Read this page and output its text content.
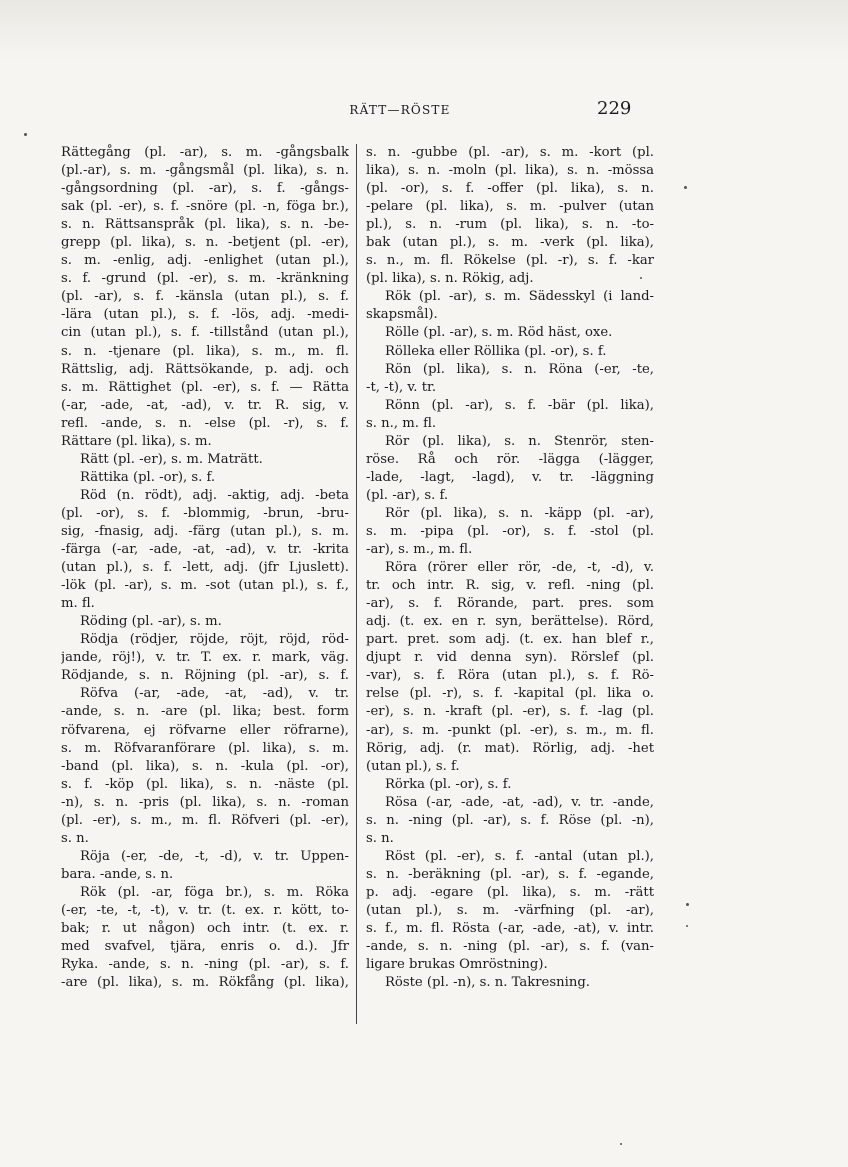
RÄTT—RÖSTE	229
Rättegång (pl. -ar), s. m. -gångsbalk
(pl.-ar), s. m. -gångsmål (pl. lika), s. n.
-gångsordning (pl. -ar), s. f. -gångs-
sak (pl. -er), s. f. -snöre (pl. -n, föga br.),
s. n. Rättsanspråk (pl. lika), s. n. -be-
grepp (pl. lika), s. n. -betjent (pl. -er),
s. m. -enlig, adj. -enlighet (utan pl.),
s. f. -grund (pl. -er), s. m. -kränkning
(pl. -ar), s. f. -känsla (utan pl.), s. f.
-lära (utan pl.), s. f. -lös, adj. -medi-
cin (utan pl.), s. f. -tillstånd (utan pl.),
s. n. -tjenare (pl. lika), s. m., m. fl.
Rättslig, adj. Rättsökande, p. adj. och
s. m. Rättighet (pl. -er), s. f. — Rätta
(-ar, -ade, -at, -ad), v. tr. R. sig, v.
refl. -ande, s. n. -else (pl. -r), s. f.
Rättare (pl. lika), s. m.
Rätt (pl. -er), s. m. Maträtt.
Rättika (pl. -or), s. f.
Röd (n. rödt), adj. -aktig, adj. -beta
(pl. -or), s. f. -blommig, -brun, -bru-
sig, -fnasig, adj. -färg (utan pl.), s. m.
-färga (-ar, -ade, -at, -ad), v. tr. -krita
(utan pl.), s. f. -lett, adj. (jfr Ljuslett).
-lök (pl. -ar), s. m. -sot (utan pl.), s. f.,
m. fl.
Röding (pl. -ar), s. m.
Rödja (rödjer, röjde, röjt, röjd, röd-
jande, röj!), v. tr. T. ex. r. mark, väg.
Rödjande, s. n. Röjning (pl. -ar), s. f.
Röfva (-ar, -ade, -at, -ad), v. tr.
-ande, s. n. -are (pl. lika; best. form
röfvarena, ej röfvarne eller röfrarne),
s. m. Röfvaranförare (pl. lika), s. m.
-band (pl. lika), s. n. -kula (pl. -or),
s. f. -köp (pl. lika), s. n. -näste (pl.
-n), s. n. -pris (pl. lika), s. n. -roman
(pl. -er), s. m., m. fl. Röfveri (pl. -er),
s. n.
Röja (-er, -de, -t, -d), v. tr. Uppen-
bara. -ande, s. n.
Rök (pl. -ar, föga br.), s. m. Röka
(-er, -te, -t, -t), v. tr. (t. ex. r. kött, to-
bak; r. ut någon) och intr. (t. ex. r.
med svafvel, tjära, enris o. d.). Jfr
Ryka. -ande, s. n. -ning (pl. -ar), s. f.
-are (pl. lika), s. m. Rökfång (pl. lika),
s. n. -gubbe (pl. -ar), s. m. -kort (pl.
lika), s. n. -moln (pl. lika), s. n. -mössa
(pl. -or), s. f. -offer (pl. lika), s. n.
-pelare (pl. lika), s. m. -pulver (utan
pl.), s. n. -rum (pl. lika), s. n. -to-
bak (utan pl.), s. m. -verk (pl. lika),
s. n., m. fl. Rökelse (pl. -r), s. f. -kar
(pl. lika), s. n. Rökig, adj.
Rök (pl. -ar), s. m. Sädesskyl (i land-
skapsmål).
Rölle (pl. -ar), s. m. Röd häst, oxe.
Rölleka eller Röllika (pl. -or), s. f.
Rön (pl. lika), s. n. Röna (-er, -te,
-t, -t), v. tr.
Rönn (pl. -ar), s. f. -bär (pl. lika),
s. n., m. fl.
Rör (pl. lika), s. n. Stenrör, sten-
röse. Rå och rör. -lägga (-lägger,
-lade, -lagt, -lagd), v. tr. -läggning
(pl. -ar), s. f.
Rör (pl. lika), s. n. -käpp (pl. -ar),
s. m. -pipa (pl. -or), s. f. -stol (pl.
-ar), s. m., m. fl.
Röra (rörer eller rör, -de, -t, -d), v.
tr. och intr. R. sig, v. refl. -ning (pl.
-ar), s. f. Rörande, part. pres. som
adj. (t. ex. en r. syn, berättelse). Rörd,
part. pret. som adj. (t. ex. han blef r.,
djupt r. vid denna syn). Rörslef (pl.
-var), s. f. Röra (utan pl.), s. f. Rö-
relse (pl. -r), s. f. -kapital (pl. lika o.
-er), s. n. -kraft (pl. -er), s. f. -lag (pl.
-ar), s. m. -punkt (pl. -er), s. m., m. fl.
Rörig, adj. (r. mat). Rörlig, adj. -het
(utan pl.), s. f.
Rörka (pl. -or), s. f.
Rösa (-ar, -ade, -at, -ad), v. tr. -ande,
s. n. -ning (pl. -ar), s. f. Röse (pl. -n),
s. n.
Röst (pl. -er), s. f. -antal (utan pl.),
s. n. -beräkning (pl. -ar), s. f. -egande,
p. adj. -egare (pl. lika), s. m. -rätt
(utan pl.), s. m. -värfning (pl. -ar),
s. f., m. fl. Rösta (-ar, -ade, -at), v. intr.
-ande, s. n. -ning (pl. -ar), s. f. (van-
ligare brukas Omröstning).
Röste (pl. -n), s. n. Takresning.
